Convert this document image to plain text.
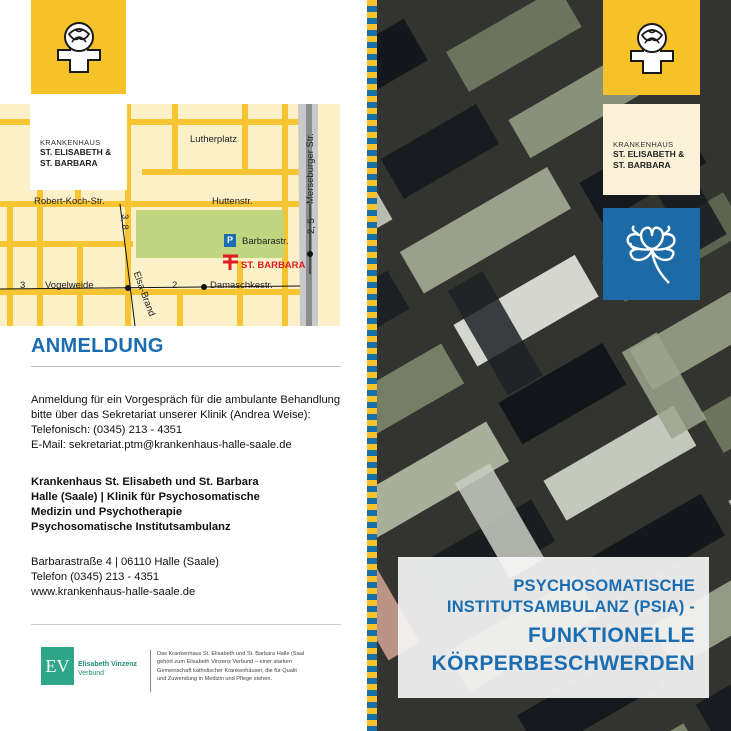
Lutherplatz	Merseburger Str.
Robert-Koch-Str.	Huttenstr.
Barbarastr.
ST. BARBARA
Vogelweide	Elsa-Brand	Damaschkestr.
3	2
3, 8	2, 5
P
KRANKENHAUS
ST. ELISABETH &
ST. BARBARA
ANMELDUNG
Anmeldung für ein Vorgespräch für die ambulante Behandlung
bitte über das Sekretariat unserer Klinik (Andrea Weise):
Telefonisch: (0345) 213 - 4351
E-Mail: sekretariat.ptm@krankenhaus-halle-saale.de
Krankenhaus St. Elisabeth und St. Barbara
Halle (Saale) | Klinik für Psychosomatische
Medizin und Psychotherapie
Psychosomatische Institutsambulanz
Barbarastraße 4 | 06110 Halle (Saale)
Telefon (0345) 213 - 4351
www.krankenhaus-halle-saale.de
EV	Elisabeth Vinzenz
Verbund
Das Krankenhaus St. Elisabeth und St. Barbara Halle (Saal
gehört zum Elisabeth Vinzenz Verbund – einer starken
Gemeinschaft katholischer Krankenhäuser, die für Qualit
und Zuwendung in Medizin und Pflege stehen.
KRANKENHAUS
ST. ELISABETH &
ST. BARBARA
PSYCHOSOMATISCHE
INSTITUTSAMBULANZ (PSIA) -
FUNKTIONELLE
KÖRPERBESCHWERDEN
